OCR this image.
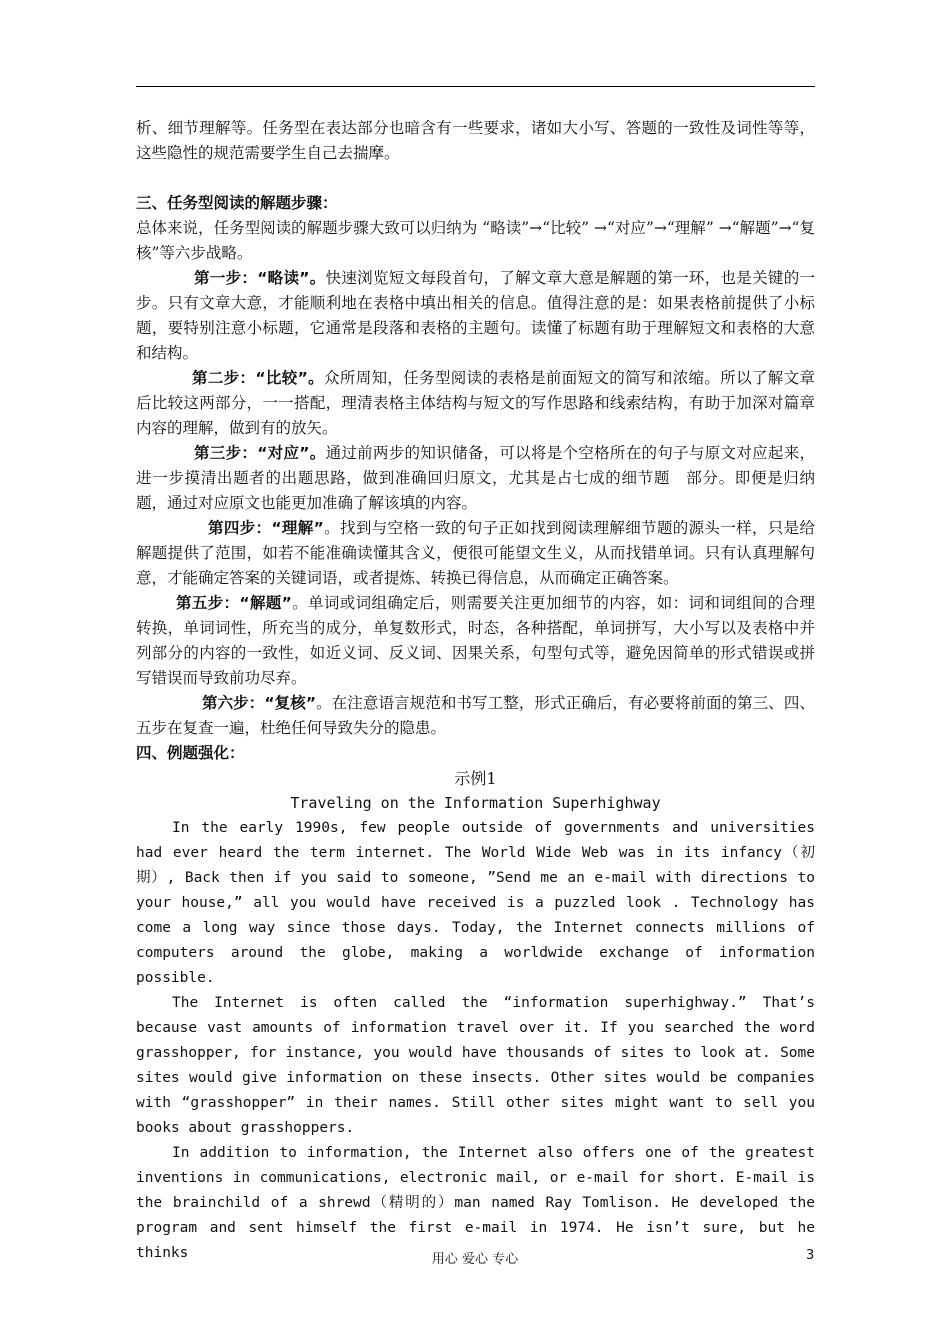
析、细节理解等。任务型在表达部分也暗含有一些要求，诸如大小写、答题的一致性及词性等等，这些隐性的规范需要学生自己去揣摩。

三、任务型阅读的解题步骤：

总体来说，任务型阅读的解题步骤大致可以归纳为 “略读”→“比较” →“对应”→“理解” →“解题”→“复核”等六步战略。

第一步：“略读”。快速浏览短文每段首句，了解文章大意是解题的第一环，也是关键的一步。只有文章大意，才能顺利地在表格中填出相关的信息。值得注意的是：如果表格前提供了小标题，要特别注意小标题，它通常是段落和表格的主题句。读懂了标题有助于理解短文和表格的大意和结构。

第二步：“比较”。众所周知，任务型阅读的表格是前面短文的简写和浓缩。所以了解文章后比较这两部分，一一搭配，理清表格主体结构与短文的写作思路和线索结构，有助于加深对篇章内容的理解，做到有的放矢。

第三步：“对应”。通过前两步的知识储备，可以将是个空格所在的句子与原文对应起来，进一步摸清出题者的出题思路，做到准确回归原文，尤其是占七成的细节题　部分。即便是归纳题，通过对应原文也能更加准确了解该填的内容。

第四步：“理解”。找到与空格一致的句子正如找到阅读理解细节题的源头一样，只是给解题提供了范围，如若不能准确读懂其含义，便很可能望文生义，从而找错单词。只有认真理解句意，才能确定答案的关键词语，或者提炼、转换已得信息，从而确定正确答案。

第五步：“解题”。单词或词组确定后，则需要关注更加细节的内容，如：词和词组间的合理转换，单词词性，所充当的成分，单复数形式，时态，各种搭配，单词拼写，大小写以及表格中并列部分的内容的一致性，如近义词、反义词、因果关系，句型句式等，避免因简单的形式错误或拼写错误而导致前功尽弃。

第六步：“复核”。在注意语言规范和书写工整，形式正确后，有必要将前面的第三、四、五步在复查一遍，杜绝任何导致失分的隐患。

四、例题强化：

示例1

Traveling on the Information Superhighway

In the early 1990s, few people outside of governments and universities had ever heard the term internet. The World Wide Web was in its infancy（初期）, Back then if you said to someone, ”Send me an e-mail with directions to your house,” all you would have received is a puzzled look . Technology has come a long way since those days. Today, the Internet connects millions of computers around the globe, making a worldwide exchange of information possible.

The Internet is often called the “information superhighway.” That’s because vast amounts of information travel over it. If you searched the word grasshopper, for instance, you would have thousands of sites to look at. Some sites would give information on these insects. Other sites would be companies with “grasshopper” in their names. Still other sites might want to sell you books about grasshoppers.

In addition to information, the Internet also offers one of the greatest inventions in communications, electronic mail, or e-mail for short. E-mail is the brainchild of a shrewd（精明的）man named Ray Tomlison. He developed the program and sent himself the first e-mail in 1974. He isn’t sure, but he thinks	用心 爱心 专心	3
